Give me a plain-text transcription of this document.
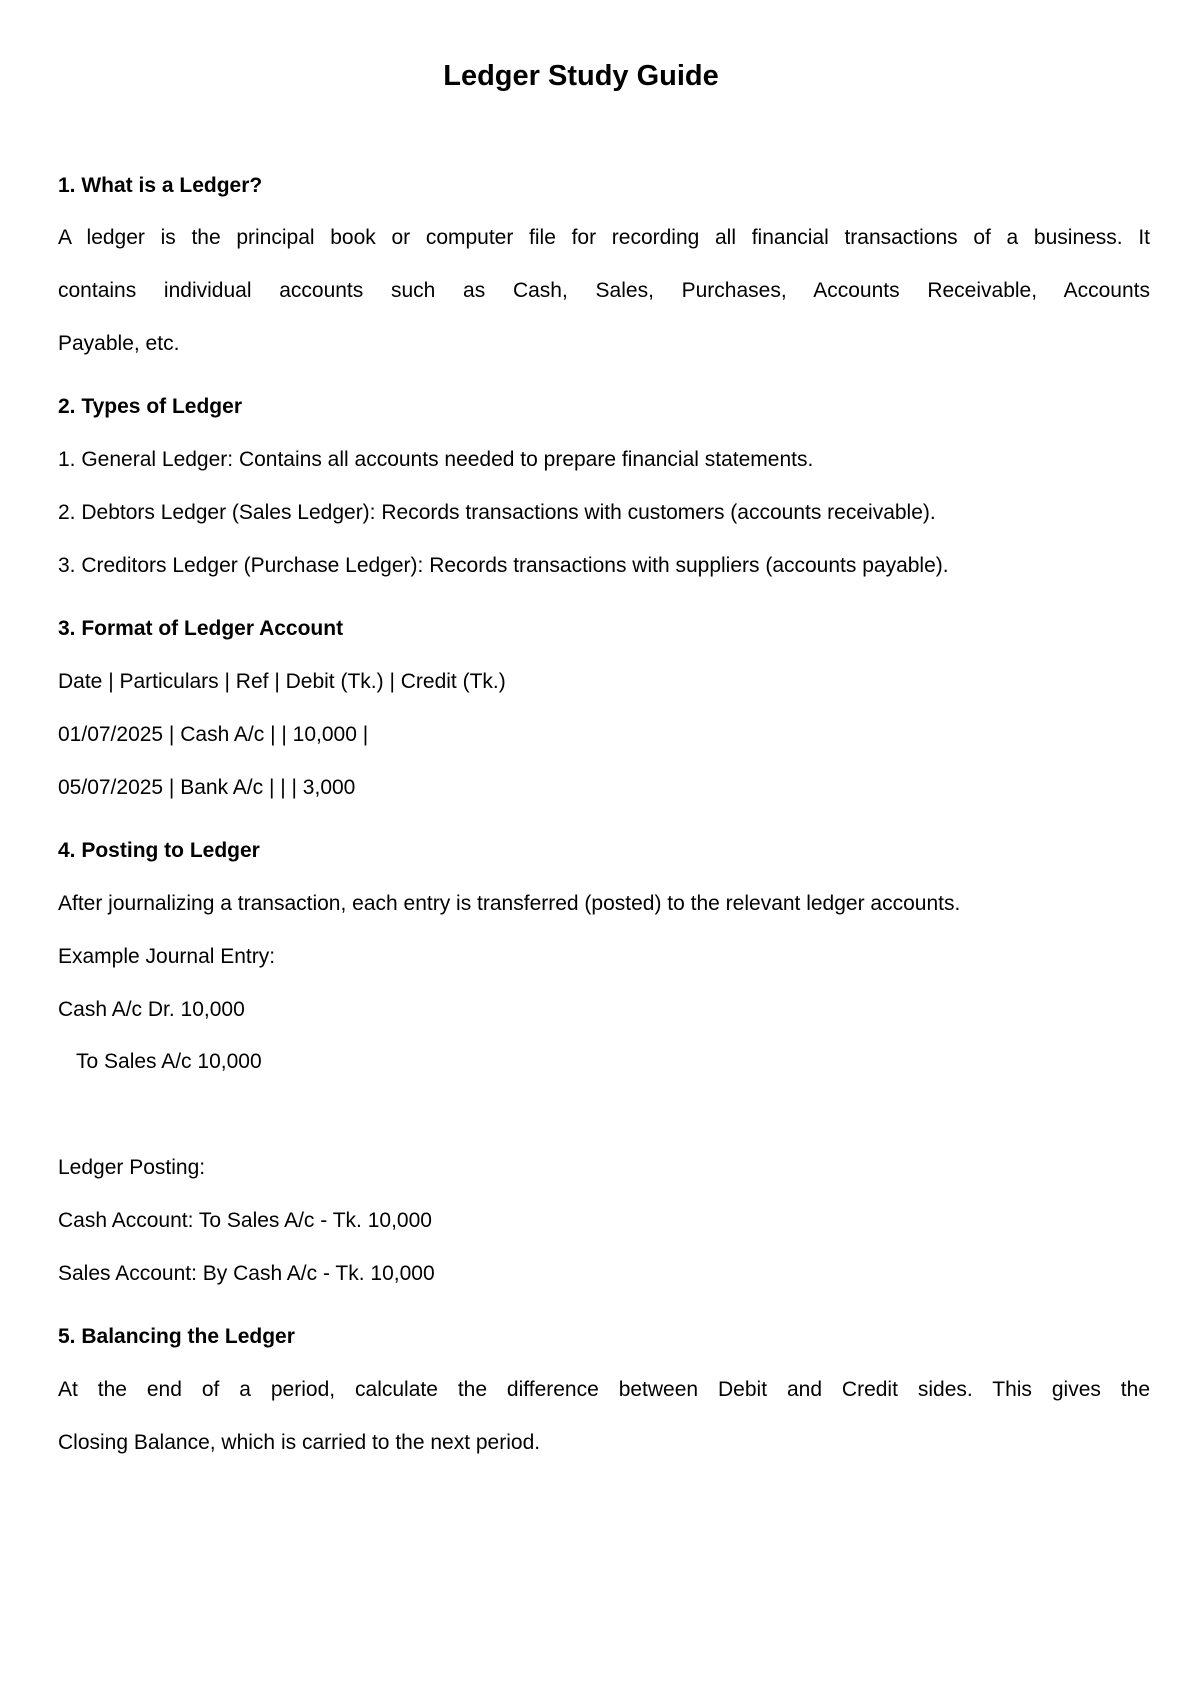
Ledger Study Guide

1. What is a Ledger?

A ledger is the principal book or computer file for recording all financial transactions of a business. It

contains individual accounts such as Cash, Sales, Purchases, Accounts Receivable, Accounts

Payable, etc.

2. Types of Ledger

1. General Ledger: Contains all accounts needed to prepare financial statements.

2. Debtors Ledger (Sales Ledger): Records transactions with customers (accounts receivable).

3. Creditors Ledger (Purchase Ledger): Records transactions with suppliers (accounts payable).

3. Format of Ledger Account

Date | Particulars | Ref | Debit (Tk.) | Credit (Tk.)

01/07/2025 | Cash A/c | | 10,000 |

05/07/2025 | Bank A/c | | | 3,000

4. Posting to Ledger

After journalizing a transaction, each entry is transferred (posted) to the relevant ledger accounts.

Example Journal Entry:

Cash A/c Dr. 10,000

To Sales A/c 10,000

Ledger Posting:

Cash Account: To Sales A/c - Tk. 10,000

Sales Account: By Cash A/c - Tk. 10,000

5. Balancing the Ledger

At the end of a period, calculate the difference between Debit and Credit sides. This gives the

Closing Balance, which is carried to the next period.
